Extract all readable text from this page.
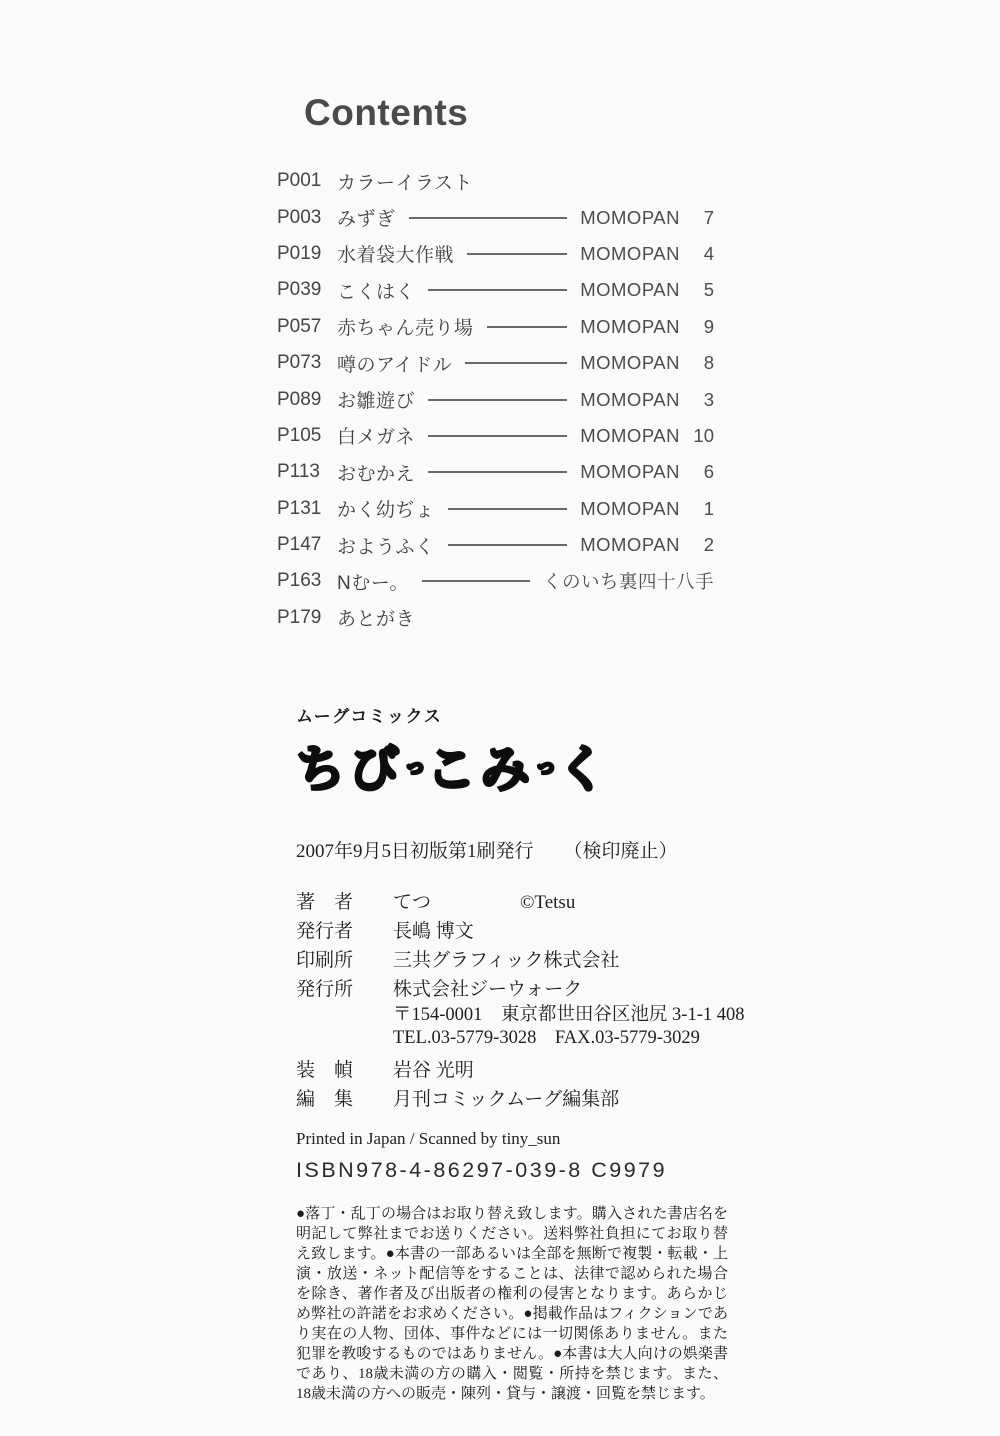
Contents
P001 カラーイラスト
P003 みずぎ	MOMOPAN	7
P019 水着袋大作戦	MOMOPAN	4
P039 こくはく	MOMOPAN	5
P057 赤ちゃん売り場	MOMOPAN	9
P073 噂のアイドル	MOMOPAN	8
P089 お雛遊び	MOMOPAN	3
P105 白メガネ	MOMOPAN 10
P113 おむかえ	MOMOPAN	6
P131 かく幼ぢょ	MOMOPAN	1
P147 おようふく	MOMOPAN	2
P163 Nむー。	くのいち裏四十八手
P179 あとがき
ムーグコミックス
ちび$^っ$こみ$^っ$く
2007年9月5日初版第1刷発行 （検印廃止）
著　者	てつ	©Tetsu
発行者	長嶋 博文
印刷所	三共グラフィック株式会社
発行所	株式会社ジーウォーク
〒154-0001　東京都世田谷区池尻 3-1-1 408
TEL.03-5779-3028　FAX.03-5779-3029
装　幀	岩谷 光明
編　集	月刊コミックムーグ編集部
Printed in Japan / Scanned by tiny_sun
ISBN978-4-86297-039-8 C9979
●落丁・乱丁の場合はお取り替え致します。購入された書店名を明記して弊社までお送りください。送料弊社負担にてお取り替え致します。●本書の一部あるいは全部を無断で複製・転載・上演・放送・ネット配信等をすることは、法律で認められた場合を除き、著作者及び出版者の権利の侵害となります。あらかじめ弊社の許諾をお求めください。●掲載作品はフィクションであり実在の人物、団体、事件などには一切関係ありません。また犯罪を教唆するものではありません。●本書は大人向けの娯楽書であり、18歳未満の方の購入・閲覧・所持を禁じます。また、18歳未満の方への販売・陳列・貸与・譲渡・回覧を禁じます。
